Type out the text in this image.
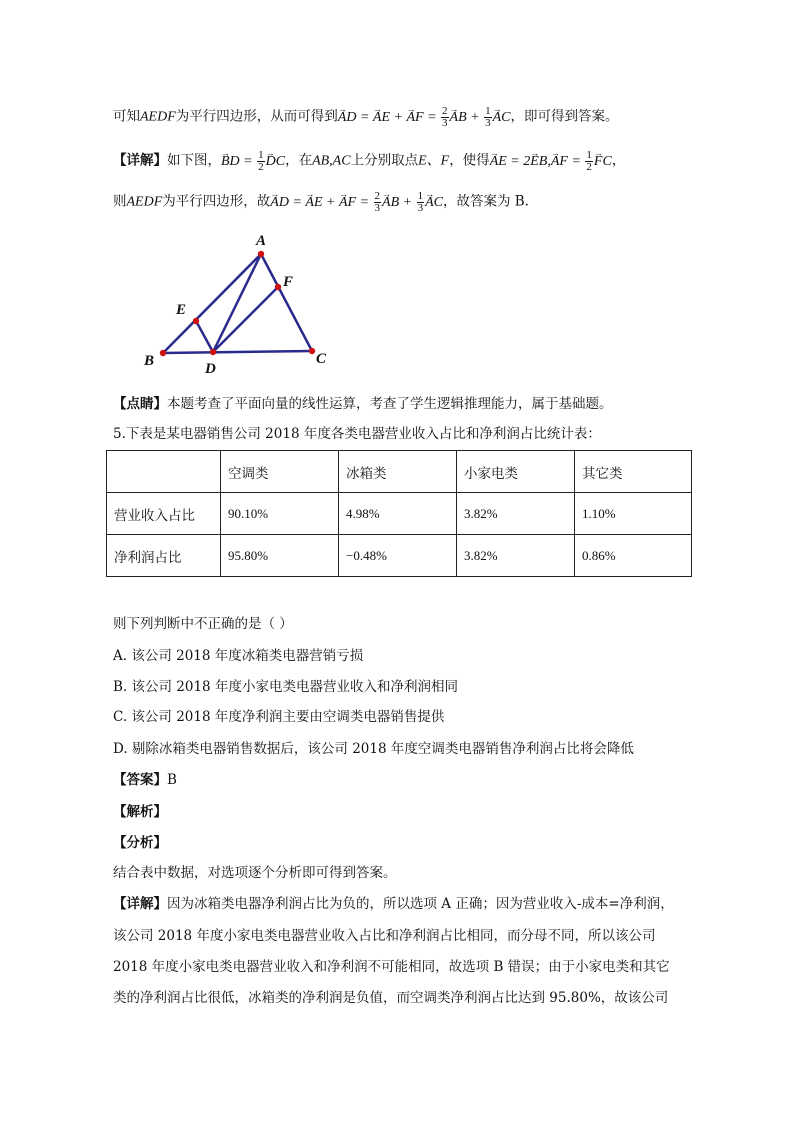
可知AEDF为平行四边形，从而可得到→ AD = → AE + → AF = $\frac{2}{3}$ → AB + $\frac{1}{3}$ → AC，即可得到答案。
【详解】如下图，→ BD = $\frac{1}{2}$ → DC，在AB,AC上分别取点E、F，使得→ AE = 2→ EB,→ AF = $\frac{1}{2}$ → FC，
则AEDF为平行四边形，故→ AD = → AE + → AF = $\frac{2}{3}$ → AB + $\frac{1}{3}$ → AC，故答案为 B.
A
F
E
B	D
C
【点睛】本题考查了平面向量的线性运算，考查了学生逻辑推理能力，属于基础题。
5.下表是某电器销售公司 2018 年度各类电器营业收入占比和净利润占比统计表：
	空调类	冰箱类	小家电类	其它类
营业收入占比	90.10%	4.98%	3.82%	1.10%
净利润占比	95.80%	−0.48%	3.82%	0.86%
则下列判断中不正确的是（ ）
A. 该公司 2018 年度冰箱类电器营销亏损
B. 该公司 2018 年度小家电类电器营业收入和净利润相同
C. 该公司 2018 年度净利润主要由空调类电器销售提供
D. 剔除冰箱类电器销售数据后，该公司 2018 年度空调类电器销售净利润占比将会降低
【答案】B
【解析】
【分析】
结合表中数据，对选项逐个分析即可得到答案。
【详解】因为冰箱类电器净利润占比为负的，所以选项 A 正确；因为营业收入-成本=净利润，
该公司 2018 年度小家电类电器营业收入占比和净利润占比相同，而分母不同，所以该公司
2018 年度小家电类电器营业收入和净利润不可能相同，故选项 B 错误；由于小家电类和其它
类的净利润占比很低，冰箱类的净利润是负值，而空调类净利润占比达到 95.80%，故该公司
